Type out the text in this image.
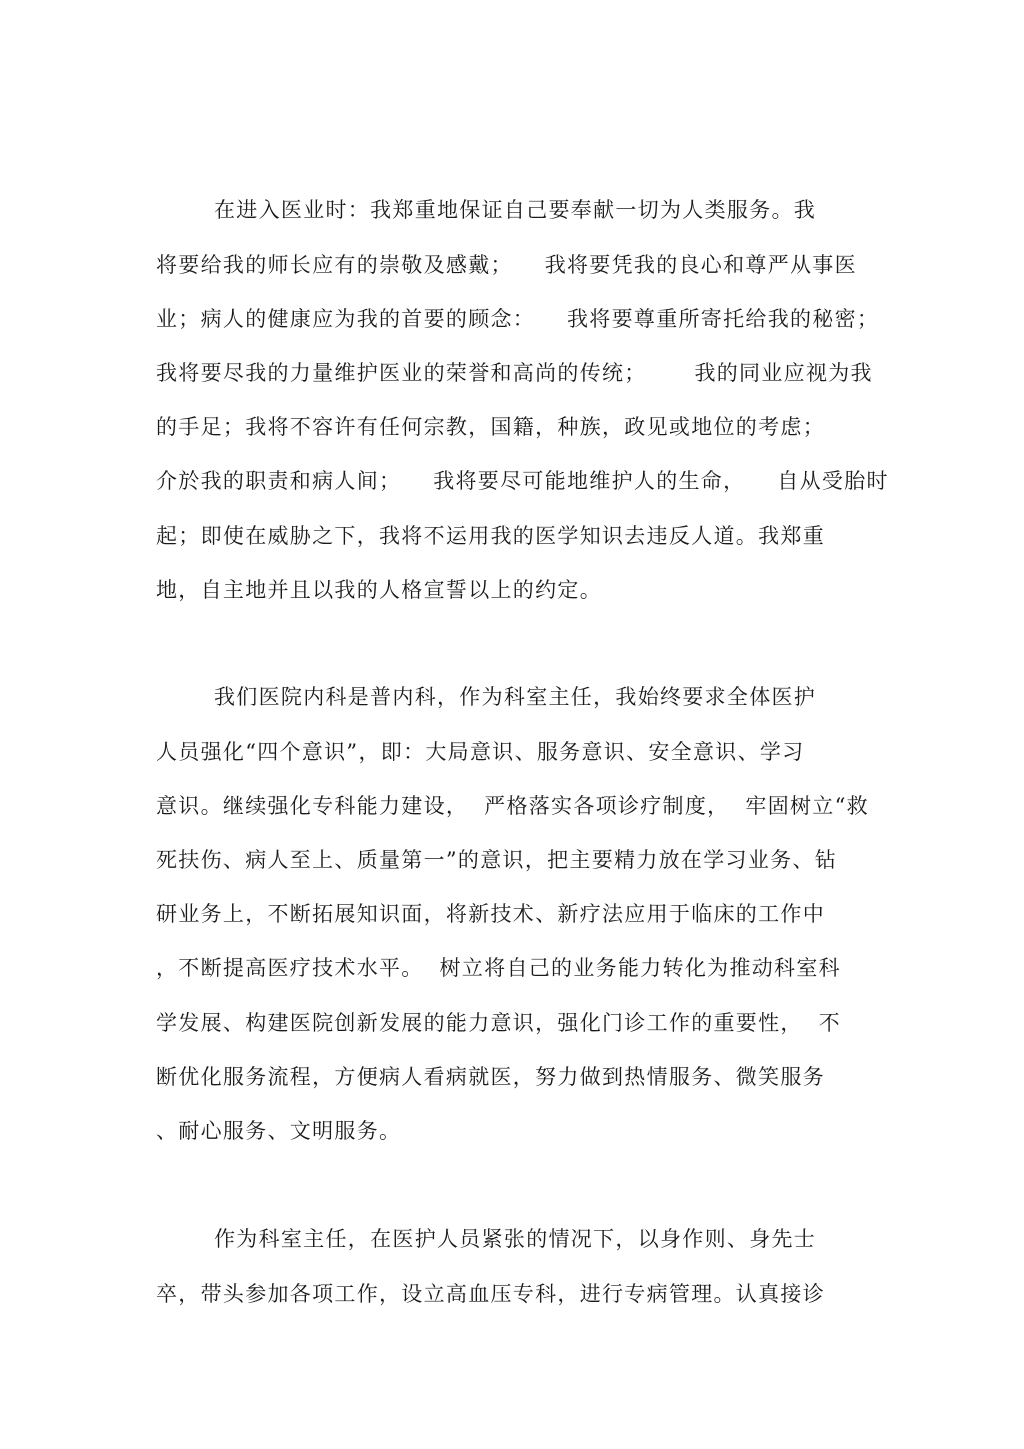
在进入医业时：我郑重地保证自己要奉献一切为人类服务。我
将要给我的师长应有的崇敬及感戴；    我将要凭我的良心和尊严从事医
业；病人的健康应为我的首要的顾念：    我将要尊重所寄托给我的秘密；
我将要尽我的力量维护医业的荣誉和高尚的传统；      我的同业应视为我
的手足；我将不容许有任何宗教，国籍，种族，政见或地位的考虑；
介於我的职责和病人间；    我将要尽可能地维护人的生命，    自从受胎时
起；即使在威胁之下，我将不运用我的医学知识去违反人道。我郑重
地，自主地并且以我的人格宣誓以上的约定。
我们医院内科是普内科，作为科室主任，我始终要求全体医护
人员强化“四个意识”，即：大局意识、服务意识、安全意识、学习
意识。继续强化专科能力建设，  严格落实各项诊疗制度，  牢固树立“救
死扶伤、病人至上、质量第一”的意识，把主要精力放在学习业务、钻
研业务上，不断拓展知识面，将新技术、新疗法应用于临床的工作中
，不断提高医疗技术水平。  树立将自己的业务能力转化为推动科室科
学发展、构建医院创新发展的能力意识，强化门诊工作的重要性，  不
断优化服务流程，方便病人看病就医，努力做到热情服务、微笑服务
、耐心服务、文明服务。
作为科室主任，在医护人员紧张的情况下，以身作则、身先士
卒，带头参加各项工作，设立高血压专科，进行专病管理。认真接诊
